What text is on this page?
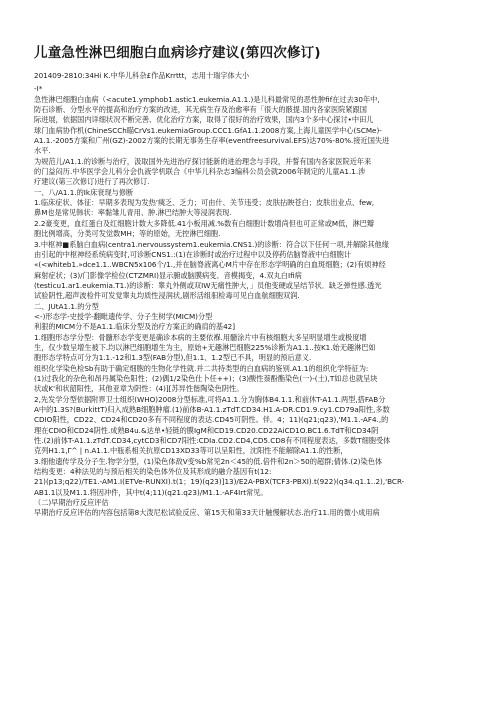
儿童急性淋巴细胞白血病诊疗建议(第四次修订)
201409-2810:34Hi K.中华儿科杂£作品Krrttt，志用十瑞字体大小
-I*
急性淋巴细胞白血病（<acute1.ymphob1.astic1.eukemia.A1.1.)是儿科最常见的恶性肿fif在过去30年中,
防石诊断、分型水平的提高和治疗方案的改进，其无病生存及治愈率有「很大的骸提.国内各家医院紧跟国
际进展，依据国内详细状况不断完善、优化治疗方案，取得了很好的治疗效果，国内3个多中心探讨•中田儿
球门血病协作机(ChineSCCh瞄CrVs1.eukemiaGroup.CCC1.GfA1.1.2008方案,上海儿童医学中心(SCMe)-
A1.1.-2005方案和广州(GZ)-2002方案的长期无事务生存率(eventfreesurvival.EFS)达70%-80%.接近国失进
水平.
为规范儿/A1.1.的诊断与治疗，汲取国外先进治疗探讨能新的进治理念与手段，并誓有国内各家医院近年来
的门益闷历.中华医学会儿科分会仇液学机联合《中华儿科杂志3编科公员会就2006年制定的儿童A1.1.涉
疗建议(第三次修订)进行了再次修订.
一、八/A1.1.的Ik床衰现与修断
1.临床症状、体征：早期多表现为发热'痍乏、乏力；可由什、关节违受；皮肤拈眏苍白；皮肤出业点、few,
鼻M也是常见韩状：率黏雏儿青用、肿.淋巴结肿大等浸润表现.
2.2豪变更，血红蛋白及红细胞计数大多降低.41小板用减.%数有白细胞计数增尚但也可正常或M低，淋巴瓣
胞比例增高，分类可发觉数MH；等的原始，无控淋巴细胞.
3.中枢神■系脑白血病(centra1.nervoussystem1.eukemia.CNS1.)的诊断：符合以下任何一项,并解除其他缘
由引起的中枢神经系统病变时,可诊断CNS1.:(1)在诊断时或治疗过程中以及停药估脑脊液中白细胞计
«(<whiteb1.»dce1.1..WBCN5x106个/1.,并在脑脊液离心M片中存在形态学明确的白血斑细胞；(2)有烦神经
麻射症状；(3)/门影像学检位(CTZMRI)显示腑或脑膜病变、音模揭变，4.双丸白Ifi病
(testicu1.ar1.eukemia.T1.)的诊断：睾丸外侧或双IW无痛性肿大，」员他变硬或呈结节状．缺乏弹性感.透光
试验阴性,超声波检件可发觉睾丸均质性浸润状,剧形活组驲检毒可见白血航细胞双润.
二、JUtA1.1.的分型
<-)形态学-史授学-翻毗遗传学、分子生树学(MICM)分型
利狠的MICM分不是A1.1.临床分型及治疗方案正的确肩的基42]
1.细胞形态学分型：骨髓形态学变更是确诊本病的主要依褓.用髓涂片中有核细胞大多呈明显增生或极度增
生，仅少数呈增生被下.均以淋巴细胞增生为主，原始+无趣淋巴细胞225%诊断为A1.1..按K1.始无趣淋巴如
胞形态学特点可分为1.1.-12和1.3型(FAB分型),但1.1、1.2型已不具，明显的预后意义.
组织化学染色检Sb有助于确定细胞的生物化学性就.并二共持类型的白血病的鉴别.A1.1的组织化学特征为:
(1)过我化的杂色和昂丹属染色阳性；(2)偶1/2染色仕卜任++)；(3)酸性萘酚酯染色(一)-(土),T如总也就呈块
状或K'和状韶阳性，其他亚章为阴性：(4)][苏异性偕陶染色阴性。
2,先发学分型依据附界卫士组织(WHO)2008分型标准,可将A1.1.分为胸体B4.1.1.和前休T-A1.1.两型,搭FAB分
A中的1.3S?(BurkittT)归入成熟B细胞肿瘤.(1)前体B-A1.1.zTdT.CD34.H1.A-DR.CD1.9.cy1.CD79a阳性,多数
CDIO阳性，CD22、CD24和CD20多有不同程度的表达.CD45可阴性。伴。4；11)(q21;q23),'M1.1.-AF4.,的
理在CDIO和CD24阴性.成熟B4u.&达单•轻链的膜IgM和CD19.CD20.CD22AiCD1O.BC1.6.TdT和CD34阴
性.(2)前体T-A1.1.zTdT.CD34,cytCD3和CD7阳性:CDIa.CD2.CD4,CD5.CD8有不同程度表达，多数T细胞受体
克列H1.1,Γ^ | n.A1.1.中瓶系相关抗原CD13XD33等可以呈阳性，沈阳性不能解除A1.1.的性断，
3.细他遗传学及分子生.物学分型，(1)染色体敌V变%b常见2n＜45的低.倍件和2n＞50的超群;倩体.(2)染色体
结构变更：4种法见的与预后相关的染色体外位及其形成的融介基因有t(12:
21)(p13;q22)/TE1.-AM1.I(ETVe-RUNXI).t(1；19)(q23)]13)/E2A-PBX(TCF3-PBXI).t(922)(q34.q1.1..2),'BCR-
AB1.1以及M1.1.将因冲件，其中t(4;11)(q21.q23)/M1.1.-AF4Irt常见。
（二)早期治疗反应评估
早期治疗反应评估的内容包括第8大泼尼松试验反应、第15天和第33天计触慢解状态.治疗11.用的微小成用病
